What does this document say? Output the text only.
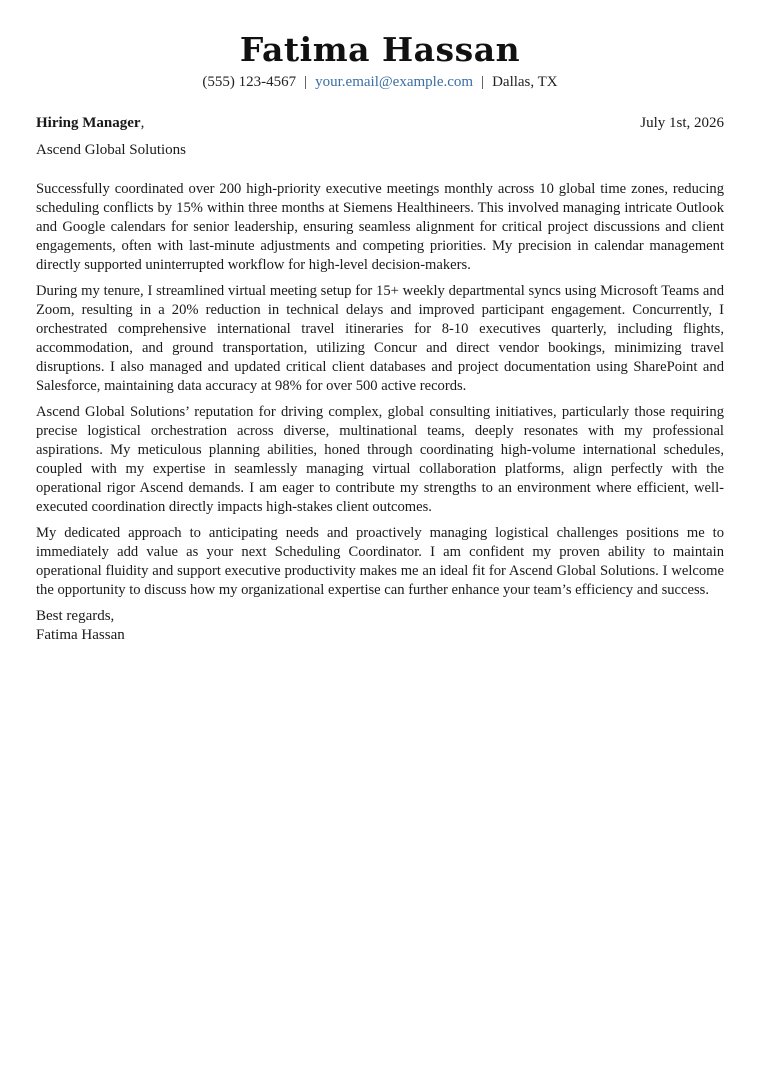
Fatima Hassan
(555) 123-4567 | your.email@example.com | Dallas, TX
Hiring Manager,	July 1st, 2026
Ascend Global Solutions

Successfully coordinated over 200 high-priority executive meetings monthly across 10 global time zones, reducing scheduling conflicts by 15% within three months at Siemens Healthineers. This involved managing intricate Outlook and Google calendars for senior leadership, ensuring seamless alignment for critical project discussions and client engagements, often with last-minute adjustments and competing priorities. My precision in calendar management directly supported uninterrupted workflow for high-level decision-makers.

During my tenure, I streamlined virtual meeting setup for 15+ weekly departmental syncs using Microsoft Teams and Zoom, resulting in a 20% reduction in technical delays and improved participant engagement. Concurrently, I orchestrated comprehensive international travel itineraries for 8-10 executives quarterly, including flights, accommodation, and ground transportation, utilizing Concur and direct vendor bookings, minimizing travel disruptions. I also managed and updated critical client databases and project documentation using SharePoint and Salesforce, maintaining data accuracy at 98% for over 500 active records.

Ascend Global Solutions’ reputation for driving complex, global consulting initiatives, particularly those requiring precise logistical orchestration across diverse, multinational teams, deeply resonates with my professional aspirations. My meticulous planning abilities, honed through coordinating high-volume international schedules, coupled with my expertise in seamlessly managing virtual collaboration platforms, align perfectly with the operational rigor Ascend demands. I am eager to contribute my strengths to an environment where efficient, well-executed coordination directly impacts high-stakes client outcomes.

My dedicated approach to anticipating needs and proactively managing logistical challenges positions me to immediately add value as your next Scheduling Coordinator. I am confident my proven ability to maintain operational fluidity and support executive productivity makes me an ideal fit for Ascend Global Solutions. I welcome the opportunity to discuss how my organizational expertise can further enhance your team’s efficiency and success.

Best regards,
Fatima Hassan
